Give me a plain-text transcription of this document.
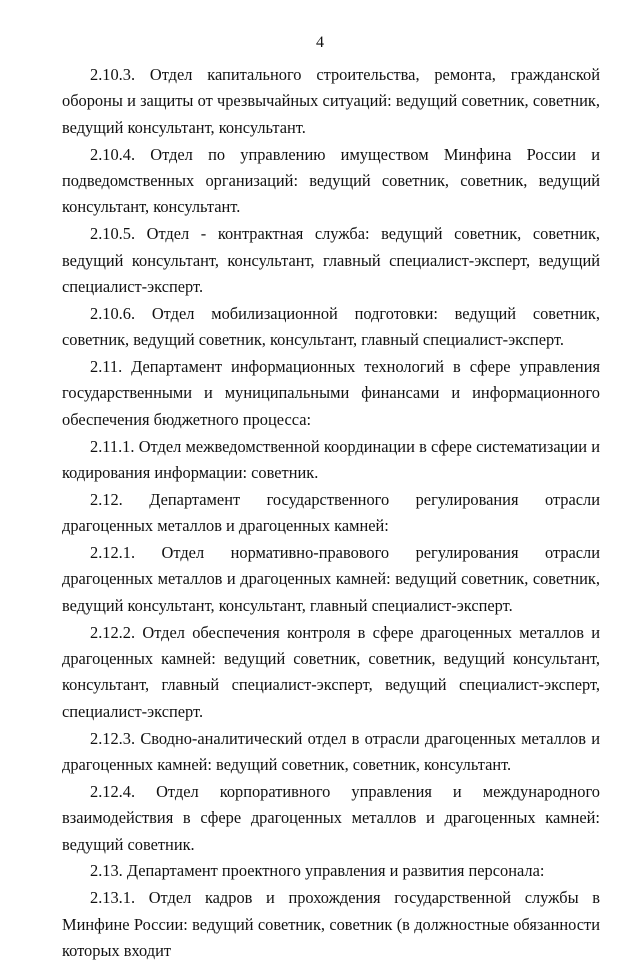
4

2.10.3. Отдел капитального строительства, ремонта, гражданской обороны и защиты от чрезвычайных ситуаций: ведущий советник, советник, ведущий консультант, консультант.

2.10.4. Отдел по управлению имуществом Минфина России и подведомственных организаций: ведущий советник, советник, ведущий консультант, консультант.

2.10.5. Отдел - контрактная служба: ведущий советник, советник, ведущий консультант, консультант, главный специалист-эксперт, ведущий специалист-эксперт.

2.10.6. Отдел мобилизационной подготовки: ведущий советник, советник, ведущий советник, консультант, главный специалист-эксперт.

2.11. Департамент информационных технологий в сфере управления государственными и муниципальными финансами и информационного обеспечения бюджетного процесса:

2.11.1. Отдел межведомственной координации в сфере систематизации и кодирования информации: советник.

2.12. Департамент государственного регулирования отрасли драгоценных металлов и драгоценных камней:

2.12.1. Отдел нормативно-правового регулирования отрасли драгоценных металлов и драгоценных камней: ведущий советник, советник, ведущий консультант, консультант, главный специалист-эксперт.

2.12.2. Отдел обеспечения контроля в сфере драгоценных металлов и драгоценных камней: ведущий советник, советник, ведущий консультант, консультант, главный специалист-эксперт, ведущий специалист-эксперт, специалист-эксперт.

2.12.3. Сводно-аналитический отдел в отрасли драгоценных металлов и драгоценных камней: ведущий советник, советник, консультант.

2.12.4. Отдел корпоративного управления и международного взаимодействия в сфере драгоценных металлов и драгоценных камней: ведущий советник.

2.13. Департамент проектного управления и развития персонала:

2.13.1. Отдел кадров и прохождения государственной службы в Минфине России: ведущий советник, советник (в должностные обязанности которых входит
